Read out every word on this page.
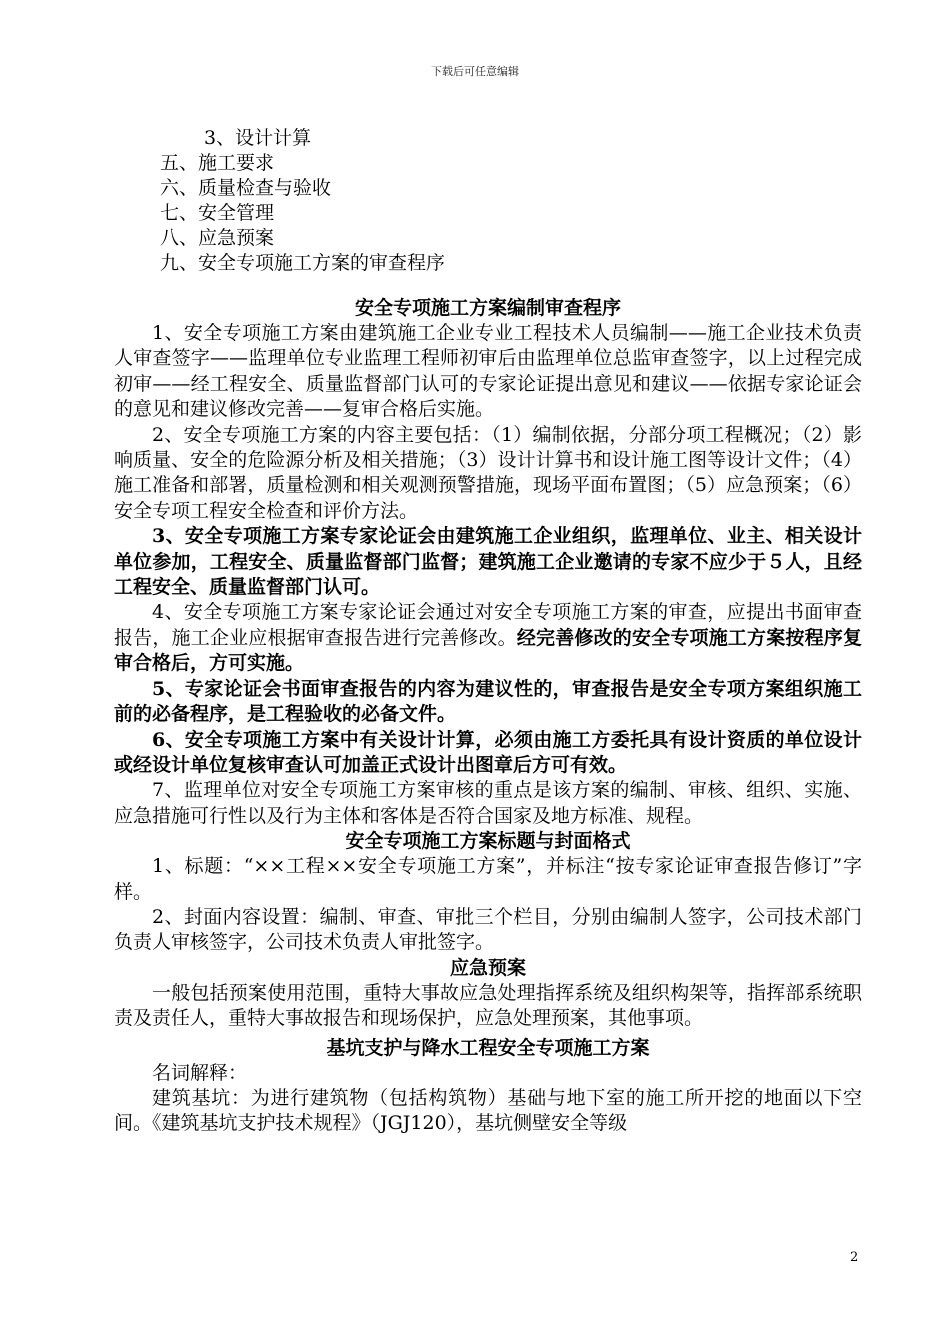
下载后可任意编辑
3、设计计算
五、施工要求
六、质量检查与验收
七、安全管理
八、应急预案
九、安全专项施工方案的审查程序
安全专项施工方案编制审查程序

1、安全专项施工方案由建筑施工企业专业工程技术人员编制——施工企业技术负责人审查签字——监理单位专业监理工程师初审后由监理单位总监审查签字，以上过程完成初审——经工程安全、质量监督部门认可的专家论证提出意见和建议——依据专家论证会的意见和建议修改完善——复审合格后实施。

2、安全专项施工方案的内容主要包括：（1）编制依据，分部分项工程概况；（2）影响质量、安全的危险源分析及相关措施；（3）设计计算书和设计施工图等设计文件；（4）施工准备和部署，质量检测和相关观测预警措施，现场平面布置图；（5）应急预案；（6）安全专项工程安全检查和评价方法。

3、安全专项施工方案专家论证会由建筑施工企业组织，监理单位、业主、相关设计单位参加，工程安全、质量监督部门监督；建筑施工企业邀请的专家不应少于５人，且经工程安全、质量监督部门认可。

4、安全专项施工方案专家论证会通过对安全专项施工方案的审查，应提出书面审查报告，施工企业应根据审查报告进行完善修改。经完善修改的安全专项施工方案按程序复审合格后，方可实施。

5、专家论证会书面审查报告的内容为建议性的，审查报告是安全专项方案组织施工前的必备程序，是工程验收的必备文件。

6、安全专项施工方案中有关设计计算，必须由施工方委托具有设计资质的单位设计或经设计单位复核审查认可加盖正式设计出图章后方可有效。

7、监理单位对安全专项施工方案审核的重点是该方案的编制、审核、组织、实施、应急措施可行性以及行为主体和客体是否符合国家及地方标准、规程。

安全专项施工方案标题与封面格式

1、标题：“××工程××安全专项施工方案”，并标注“按专家论证审查报告修订”字样。

2、封面内容设置：编制、审查、审批三个栏目，分别由编制人签字，公司技术部门负责人审核签字，公司技术负责人审批签字。

应急预案

一般包括预案使用范围，重特大事故应急处理指挥系统及组织构架等，指挥部系统职责及责任人，重特大事故报告和现场保护，应急处理预案，其他事项。

基坑支护与降水工程安全专项施工方案

名词解释：

建筑基坑：为进行建筑物（包括构筑物）基础与地下室的施工所开挖的地面以下空间。《建筑基坑支护技术规程》（JGJ120），基坑侧壁安全等级

2
